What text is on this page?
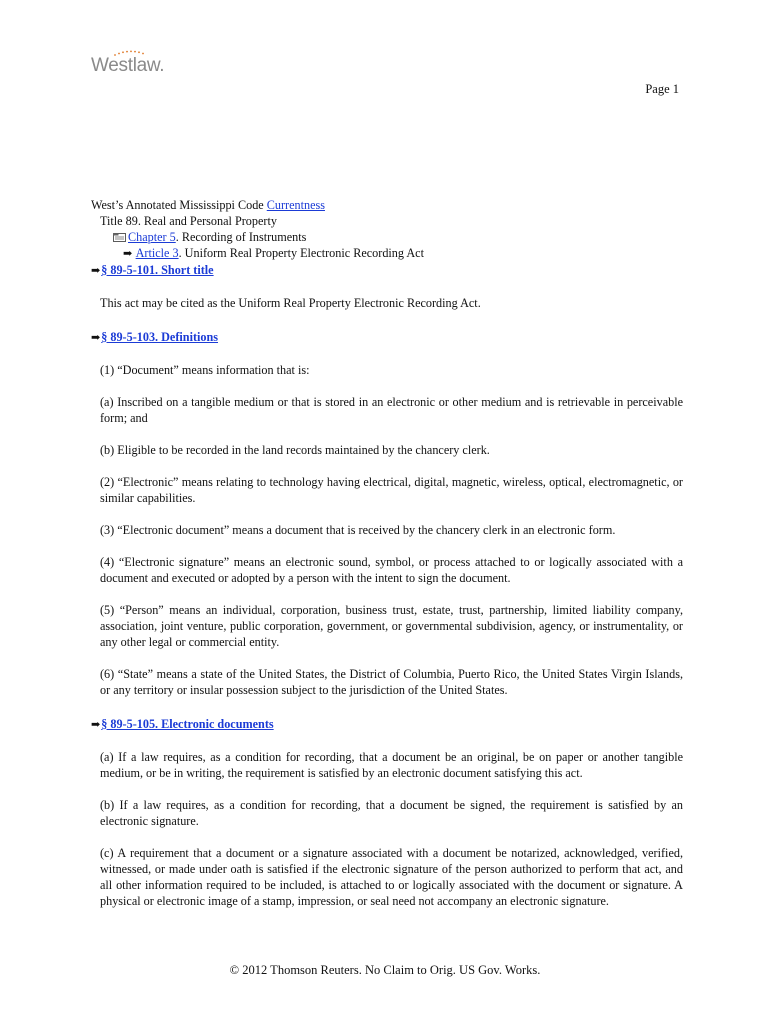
Westlaw.
Page 1

West’s Annotated Mississippi Code Currentness

Title 89. Real and Personal Property

Chapter 5. Recording of Instruments

➡ Article 3. Uniform Real Property Electronic Recording Act

➡§ 89-5-101. Short title

This act may be cited as the Uniform Real Property Electronic Recording Act.

➡§ 89-5-103. Definitions

(1) “Document” means information that is:

(a) Inscribed on a tangible medium or that is stored in an electronic or other medium and is retrievable in perceivable form; and

(b) Eligible to be recorded in the land records maintained by the chancery clerk.

(2) “Electronic” means relating to technology having electrical, digital, magnetic, wireless, optical, electromagnetic, or similar capabilities.

(3) “Electronic document” means a document that is received by the chancery clerk in an electronic form.

(4) “Electronic signature” means an electronic sound, symbol, or process attached to or logically associated with a document and executed or adopted by a person with the intent to sign the document.

(5) “Person” means an individual, corporation, business trust, estate, trust, partnership, limited liability company, association, joint venture, public corporation, government, or governmental subdivision, agency, or instrumentality, or any other legal or commercial entity.

(6) “State” means a state of the United States, the District of Columbia, Puerto Rico, the United States Virgin Islands, or any territory or insular possession subject to the jurisdiction of the United States.

➡§ 89-5-105. Electronic documents

(a) If a law requires, as a condition for recording, that a document be an original, be on paper or another tangible medium, or be in writing, the requirement is satisfied by an electronic document satisfying this act.

(b) If a law requires, as a condition for recording, that a document be signed, the requirement is satisfied by an electronic signature.

(c) A requirement that a document or a signature associated with a document be notarized, acknowledged, verified, witnessed, or made under oath is satisfied if the electronic signature of the person authorized to perform that act, and all other information required to be included, is attached to or logically associated with the document or signature. A physical or electronic image of a stamp, impression, or seal need not accompany an electronic signature.

© 2012 Thomson Reuters. No Claim to Orig. US Gov. Works.
